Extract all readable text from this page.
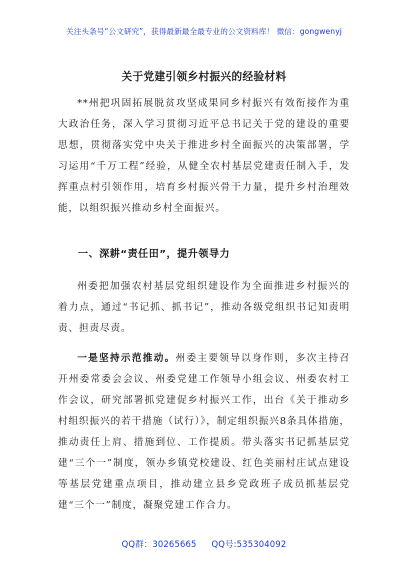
关注头条号“公文研究”，获得最新最全最专业的公文资料库！ 微信：gongwenyj
关于党建引领乡村振兴的经验材料

**州把巩固拓展脱贫攻坚成果同乡村振兴有效衔接作为重大政治任务，深入学习贯彻习近平总书记关于党的建设的重要思想，贯彻落实党中央关于推进乡村全面振兴的决策部署，学习运用“千万工程”经验，从健全农村基层党建责任制入手，发挥重点村引领作用，培育乡村振兴骨干力量，提升乡村治理效能，以组织振兴推动乡村全面振兴。

一、深耕“责任田”，提升领导力

州委把加强农村基层党组织建设作为全面推进乡村振兴的着力点，通过“书记抓、抓书记”，推动各级党组织书记知责明责、担责尽责。

一是坚持示范推动。州委主要领导以身作则，多次主持召开州委常委会会议、州委党建工作领导小组会议、州委农村工作会议，研究部署抓党建促乡村振兴工作，出台《关于推动乡村组织振兴的若干措施（试行）》，制定组织振兴8条具体措施，推动责任上肩、措施到位、工作提质。带头落实书记抓基层党建“三个一”制度，领办乡镇党校建设、红色美丽村庄试点建设等基层党建重点项目，推动建立县乡党政班子成员抓基层党建“三个一”制度，凝聚党建工作合力。

QQ群：30265665 QQ号:535304092
